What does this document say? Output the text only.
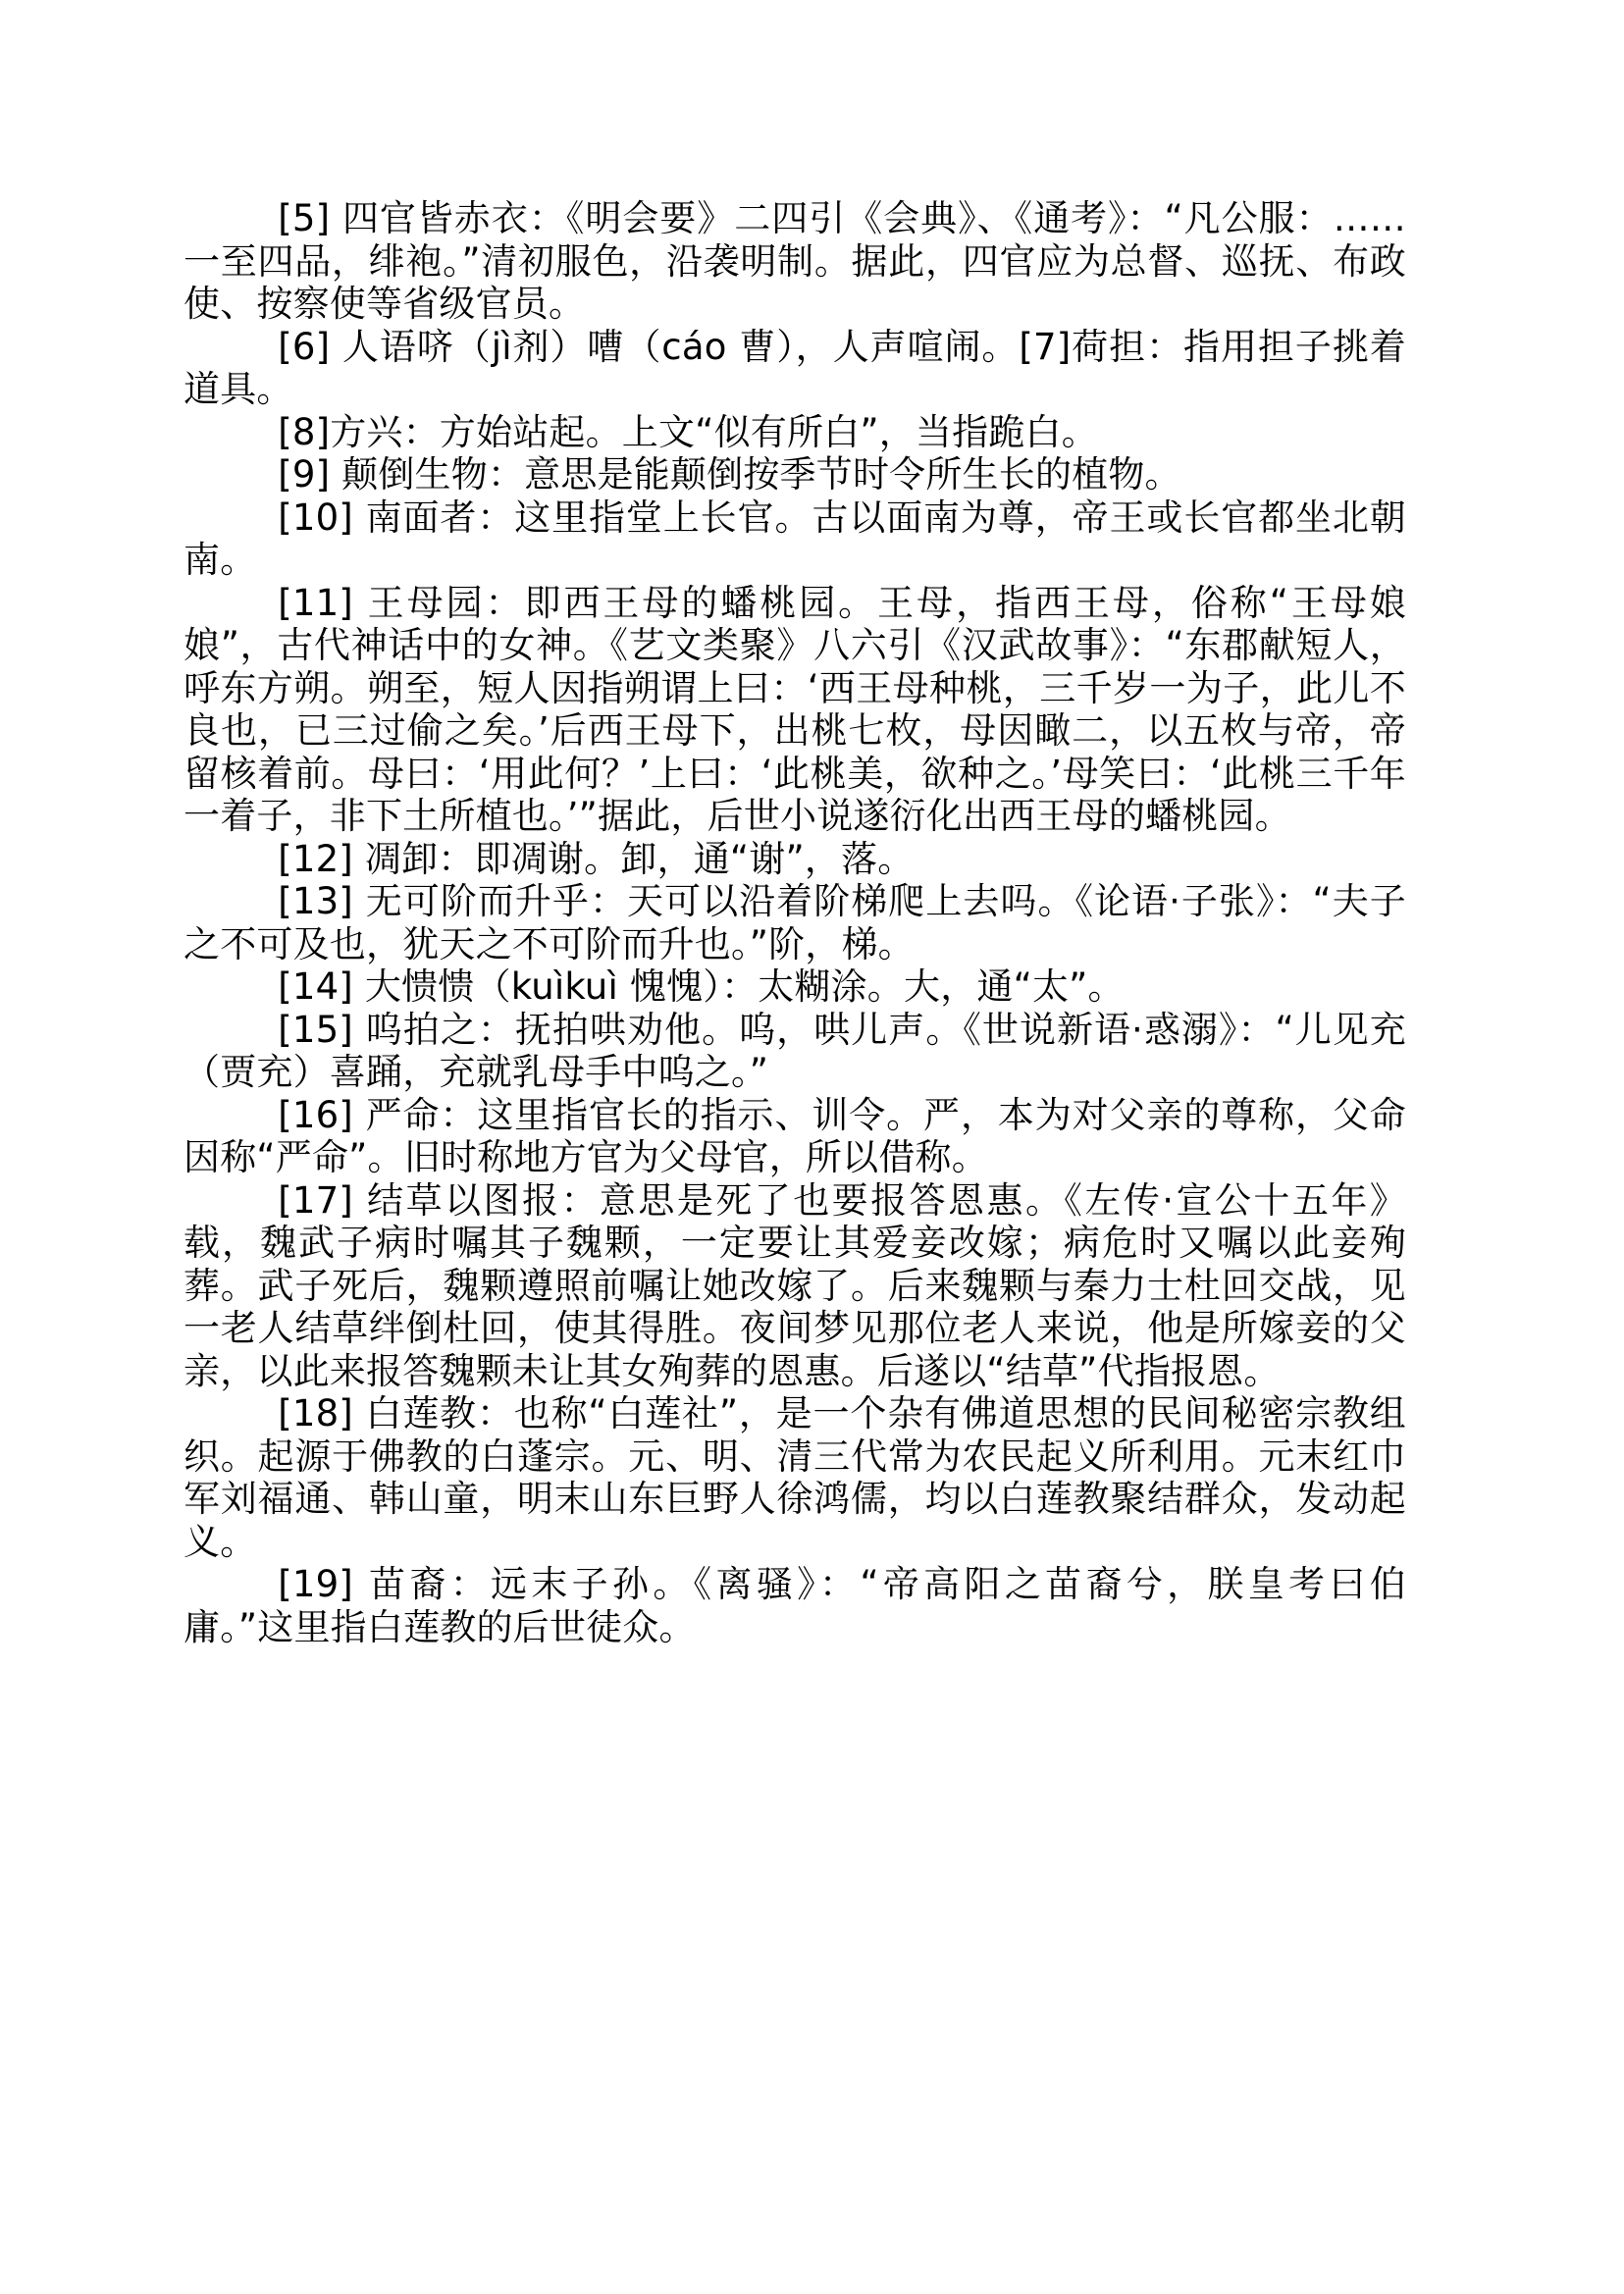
[5] 四官皆赤衣：《明会要》二四引《会典》、《通考》：“凡公服：……一至四品，绯袍。”清初服色，沿袭明制。据此，四官应为总督、巡抚、布政使、按察使等省级官员。

[6] 人语哜（jì剂）嘈（cáo 曹），人声喧闹。[7]荷担：指用担子挑着道具。

[8]方兴：方始站起。上文“似有所白”，当指跪白。

[9] 颠倒生物：意思是能颠倒按季节时令所生长的植物。

[10] 南面者：这里指堂上长官。古以面南为尊，帝王或长官都坐北朝南。

[11] 王母园：即西王母的蟠桃园。王母，指西王母，俗称“王母娘娘”，古代神话中的女神。《艺文类聚》八六引《汉武故事》：“东郡献短人，呼东方朔。朔至，短人因指朔谓上曰：‘西王母种桃，三千岁一为子，此儿不良也，已三过偷之矣。’后西王母下，出桃七枚，母因瞰二，以五枚与帝，帝留核着前。母曰：‘用此何？’上曰：‘此桃美，欲种之。’母笑曰：‘此桃三千年一着子，非下土所植也。’”据此，后世小说遂衍化出西王母的蟠桃园。

[12] 凋卸：即凋谢。卸，通“谢”，落。

[13] 无可阶而升乎：天可以沿着阶梯爬上去吗。《论语·子张》：“夫子之不可及也，犹天之不可阶而升也。”阶，梯。

[14] 大愦愦（kuìkuì 愧愧）：太糊涂。大，通“太”。

[15] 呜拍之：抚拍哄劝他。呜，哄儿声。《世说新语·惑溺》：“儿见充（贾充）喜踊，充就乳母手中呜之。”

[16] 严命：这里指官长的指示、训令。严，本为对父亲的尊称，父命因称“严命”。旧时称地方官为父母官，所以借称。

[17] 结草以图报：意思是死了也要报答恩惠。《左传·宣公十五年》载，魏武子病时嘱其子魏颗，一定要让其爱妾改嫁；病危时又嘱以此妾殉葬。武子死后，魏颗遵照前嘱让她改嫁了。后来魏颗与秦力士杜回交战，见一老人结草绊倒杜回，使其得胜。夜间梦见那位老人来说，他是所嫁妾的父亲，以此来报答魏颗未让其女殉葬的恩惠。后遂以“结草”代指报恩。

[18] 白莲教：也称“白莲社”，是一个杂有佛道思想的民间秘密宗教组织。起源于佛教的白蓬宗。元、明、清三代常为农民起义所利用。元末红巾军刘福通、韩山童，明末山东巨野人徐鸿儒，均以白莲教聚结群众，发动起义。

[19] 苗裔：远末子孙。《离骚》：“帝高阳之苗裔兮，朕皇考曰伯庸。”这里指白莲教的后世徒众。
